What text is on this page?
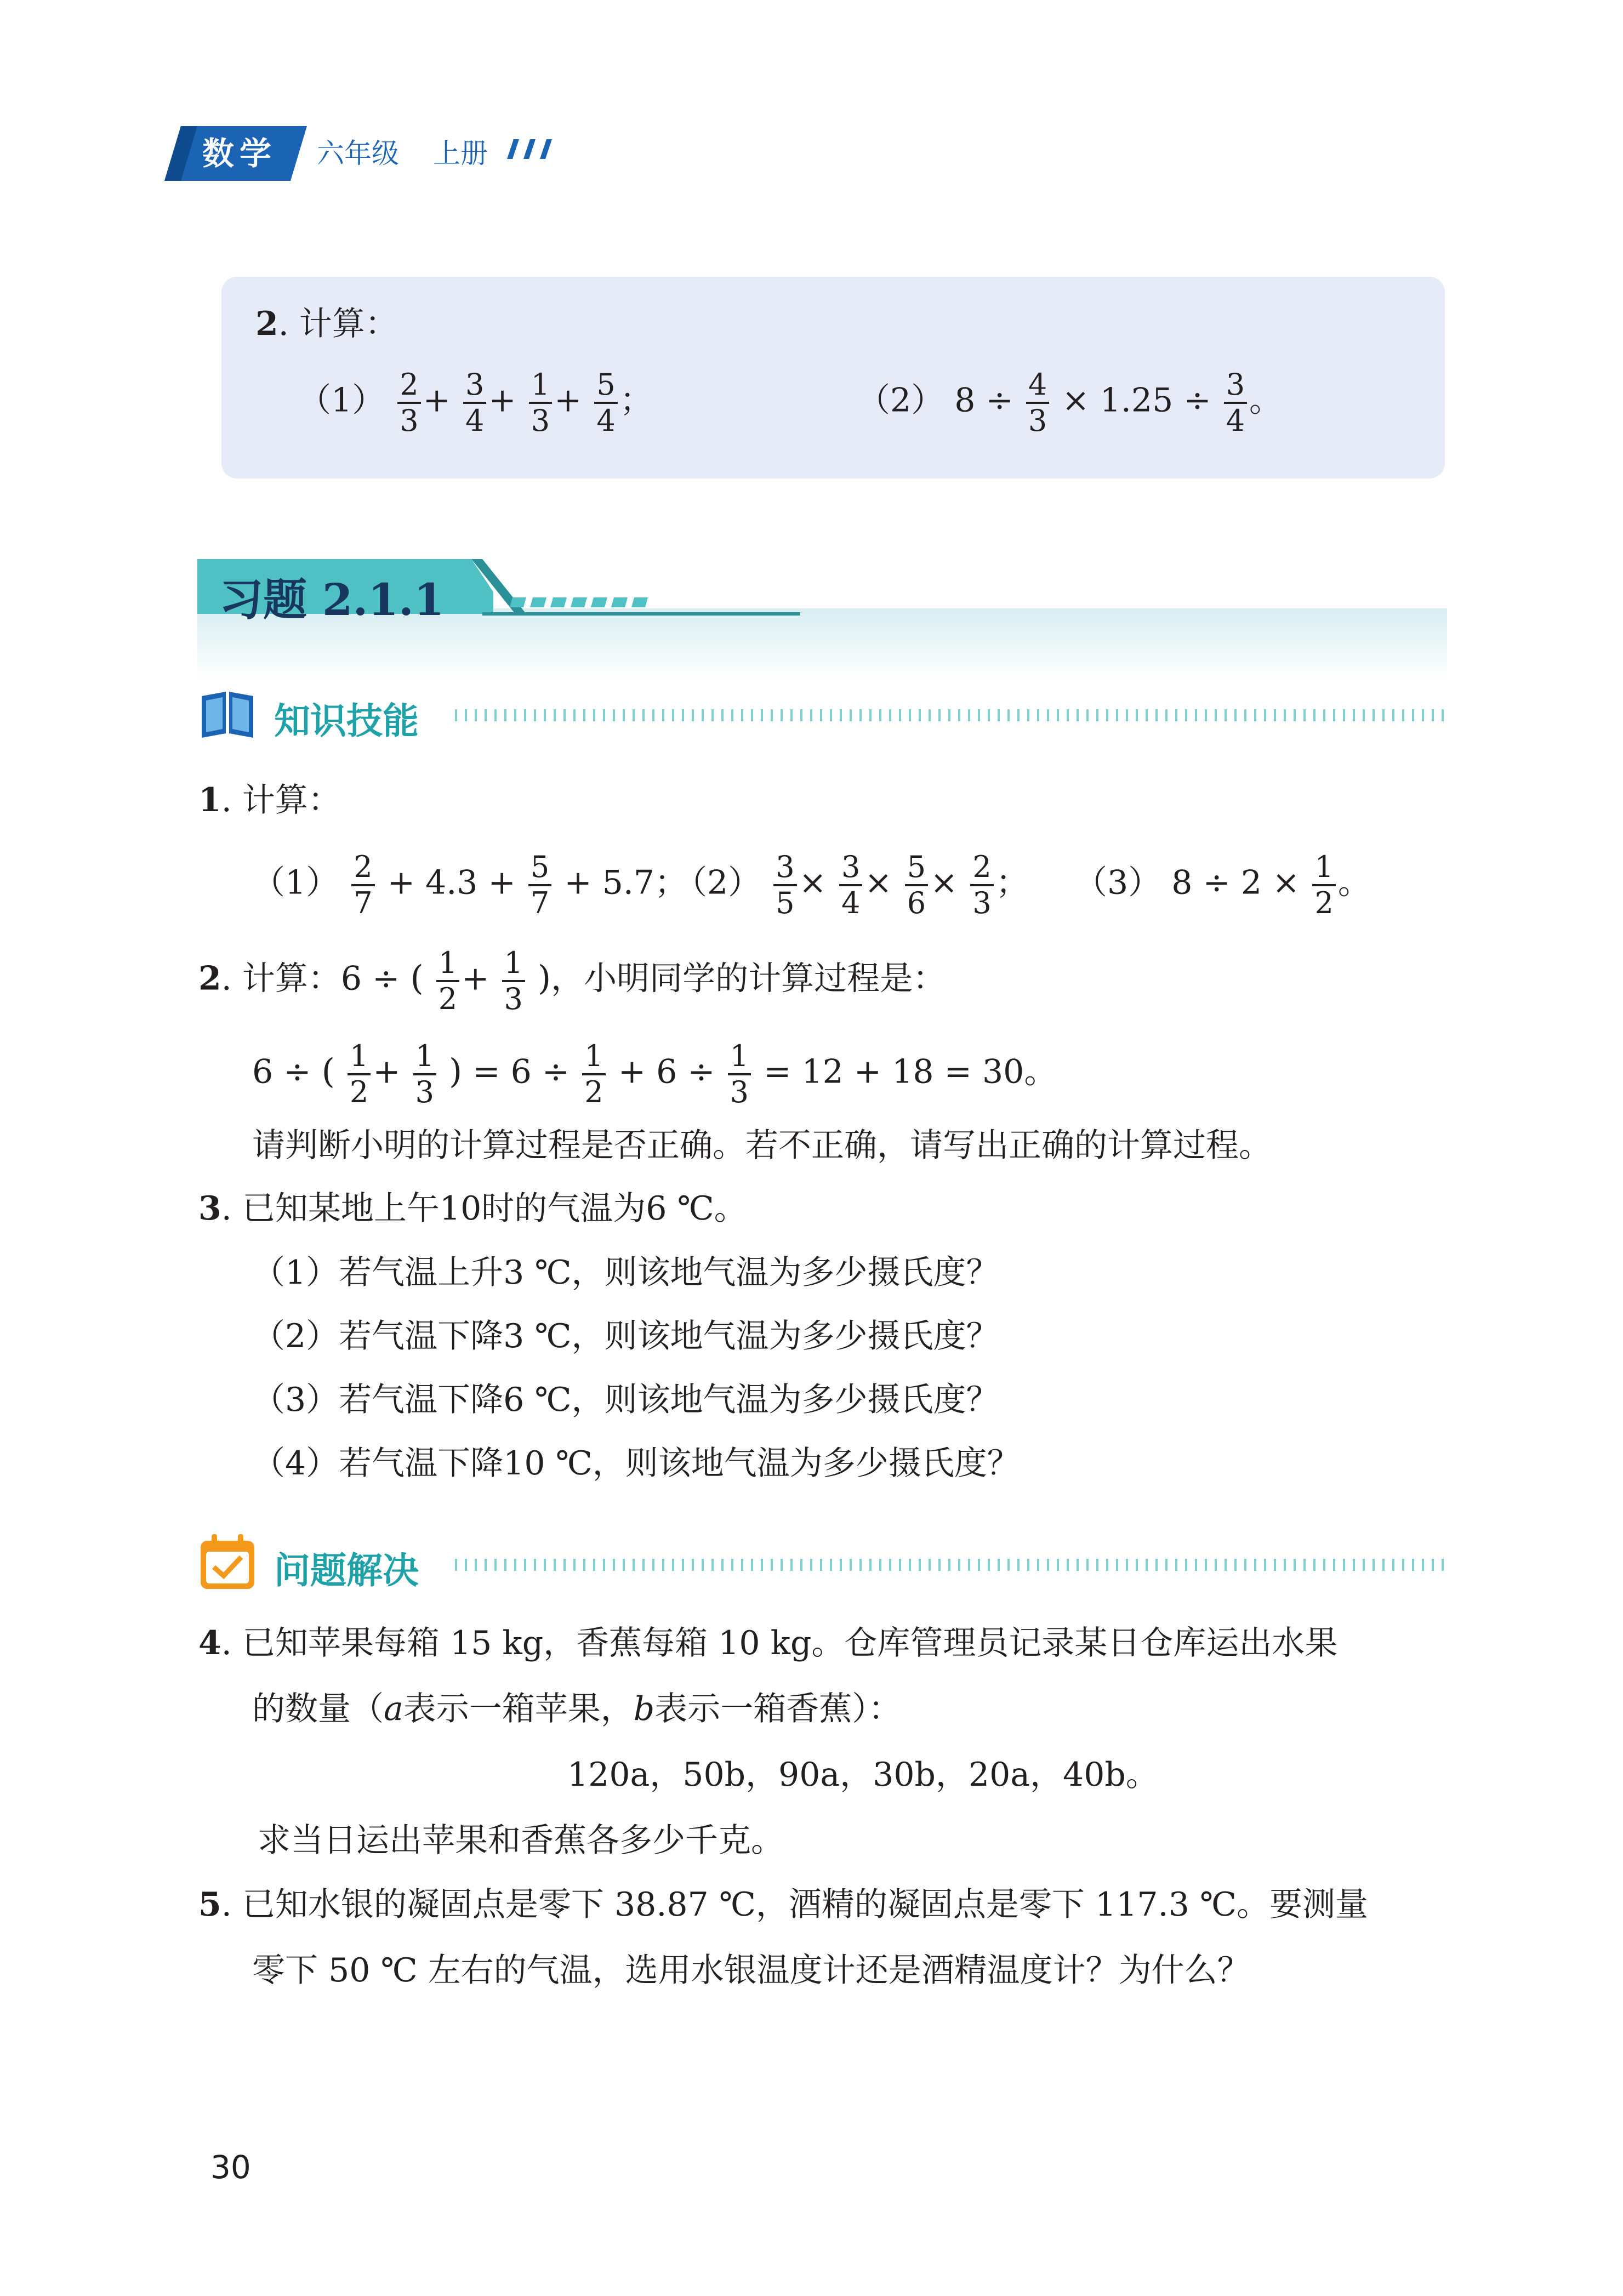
数学	六年级 上册
2. 计算：
$(1) \frac{2}{3} + \frac{3}{4} + \frac{1}{3} + \frac{5}{4}$ ；	（2） $8 \div \frac{4}{3} \times 1.25 \div \frac{3}{4}$ 。
习题 2.1.1
知识技能
1. 计算：
$(1) \frac{2}{7} + 4.3 + \frac{5}{7} + 5.7$；
$(2) \frac{3}{5} \times \frac{3}{4} \times \frac{5}{6} \times \frac{2}{3}$ ； （3） $8 \div 2 \times \frac{1}{2}$ 。
2. 计算：6 ÷ ( $\frac{1}{2} + \frac{1}{3}$ )，小明同学的计算过程是：
6 ÷ ( $\frac{1}{2} + \frac{1}{3}$ ) = $6 \div \frac{1}{2} + 6 \div \frac{1}{3} = 12 + 18 = 30$。
请判断小明的计算过程是否正确。若不正确，请写出正确的计算过程。
3. 已知某地上午10时的气温为6 ℃。
（1）若气温上升3 ℃，则该地气温为多少摄氏度？
（2）若气温下降3 ℃，则该地气温为多少摄氏度？
（3）若气温下降6 ℃，则该地气温为多少摄氏度？
（4）若气温下降10 ℃，则该地气温为多少摄氏度？
问题解决
4. 已知苹果每箱 15 kg，香蕉每箱 10 kg。仓库管理员记录某日仓库运出水果
的数量（a表示一箱苹果，b表示一箱香蕉）：
120a，50b，90a，30b，20a，40b。
求当日运出苹果和香蕉各多少千克。
5. 已知水银的凝固点是零下 38.87 ℃，酒精的凝固点是零下 117.3 ℃。要测量
零下 50 ℃ 左右的气温，选用水银温度计还是酒精温度计？为什么？
30
